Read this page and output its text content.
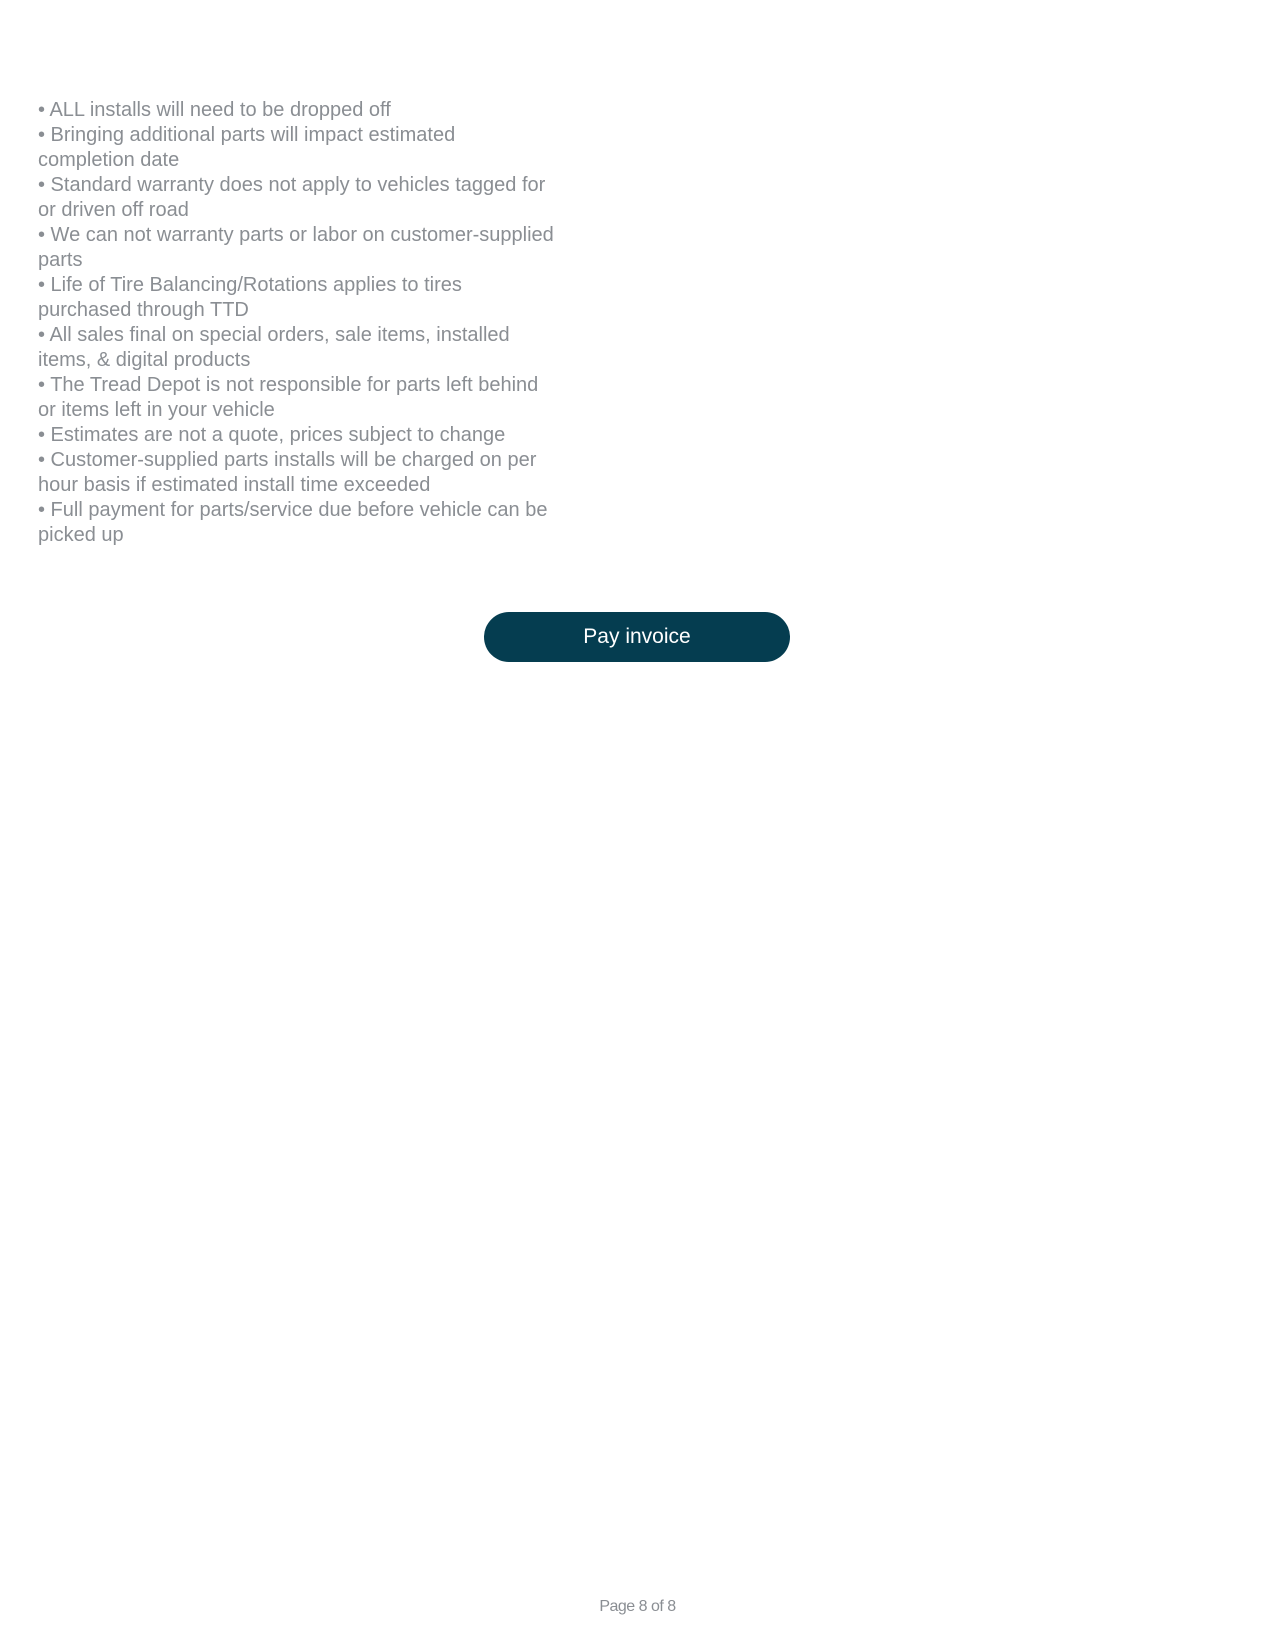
• ALL installs will need to be dropped off
• Bringing additional parts will impact estimated
completion date
• Standard warranty does not apply to vehicles tagged for
or driven off road
• We can not warranty parts or labor on customer-supplied
parts
• Life of Tire Balancing/Rotations applies to tires
purchased through TTD
• All sales final on special orders, sale items, installed
items, & digital products
• The Tread Depot is not responsible for parts left behind
or items left in your vehicle
• Estimates are not a quote, prices subject to change
• Customer-supplied parts installs will be charged on per
hour basis if estimated install time exceeded
• Full payment for parts/service due before vehicle can be
picked up
Pay invoice
Page 8 of 8
